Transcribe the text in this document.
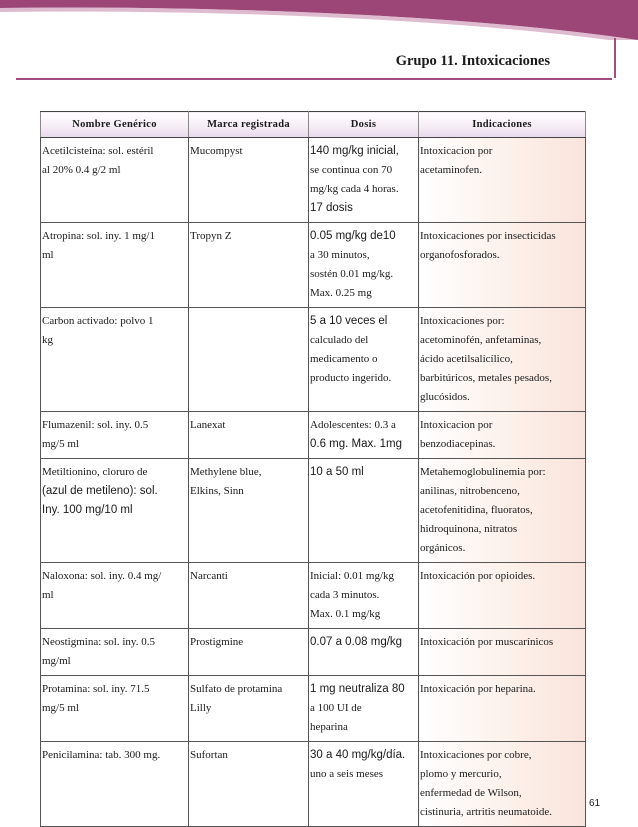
Grupo 11. Intoxicaciones
Nombre Genérico	Marca registrada	Dosis	Indicaciones

Acetilcisteína: sol. estéril
al 20% 0.4 g/2 ml	Mucompyst	140 mg/kg inicial,
se continua con 70
mg/kg cada 4 horas.
17 dosis	Intoxicacion por
acetaminofen.

Atropina: sol. iny. 1 mg/1
ml	Tropyn Z	0.05 mg/kg de10
a 30 minutos,
sostén 0.01 mg/kg.
Max. 0.25 mg	Intoxicaciones por insecticidas
organofosforados.

Carbon activado: polvo 1
kg		5 a 10 veces el
calculado del
medicamento o
producto ingerido.	Intoxicaciones por:
acetominofén, anfetaminas,
ácido acetilsalicílico,
barbitúricos, metales pesados,
glucósidos.

Flumazenil: sol. iny. 0.5
mg/5 ml	Lanexat	Adolescentes: 0.3 a
0.6 mg. Max. 1mg	Intoxicacion por
benzodiacepinas.

Metiltionino, cloruro de
(azul de metileno): sol.
Iny. 100 mg/10 ml	Methylene blue,
Elkins, Sinn	10 a 50 ml	Metahemoglobulinemia por:
anilinas, nitrobenceno,
acetofenitidina, fluoratos,
hidroquinona, nitratos
orgánicos.

Naloxona: sol. iny. 0.4 mg/
ml	Narcanti	Inicial: 0.01 mg/kg
cada 3 minutos.
Max. 0.1 mg/kg	Intoxicación por opioides.

Neostigmina: sol. iny. 0.5
mg/ml	Prostigmine	0.07 a 0.08 mg/kg	Intoxicación por muscarínicos

Protamina: sol. iny. 71.5
mg/5 ml	Sulfato de protamina
Lilly	1 mg neutraliza 80
a 100 UI de
heparina	Intoxicación por heparina.

Penicilamina: tab. 300 mg.	Sufortan	30 a 40 mg/kg/día.
uno a seis meses	Intoxicaciones por cobre,
plomo y mercurio,
enfermedad de Wilson,
cistinuria, artritis neumatoide.
61
